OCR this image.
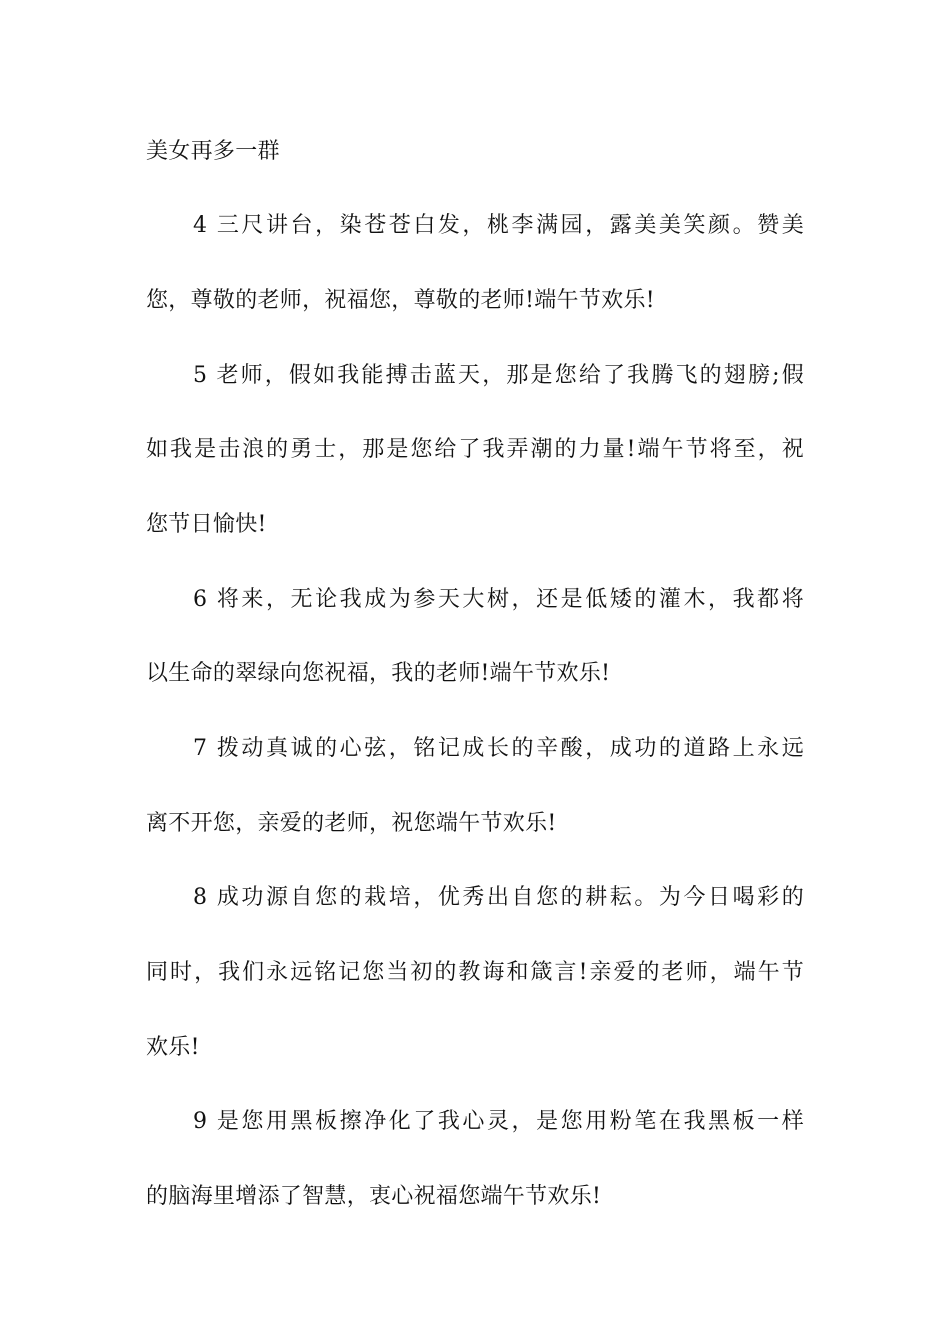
美女再多一群
4 三尺讲台，染苍苍白发，桃李满园，露美美笑颜。赞美
您，尊敬的老师，祝福您，尊敬的老师!端午节欢乐!
5 老师，假如我能搏击蓝天，那是您给了我腾飞的翅膀;假
如我是击浪的勇士，那是您给了我弄潮的力量!端午节将至，祝
您节日愉快!
6 将来，无论我成为参天大树，还是低矮的灌木，我都将
以生命的翠绿向您祝福，我的老师!端午节欢乐!
7 拨动真诚的心弦，铭记成长的辛酸，成功的道路上永远
离不开您，亲爱的老师，祝您端午节欢乐!
8 成功源自您的栽培，优秀出自您的耕耘。为今日喝彩的
同时，我们永远铭记您当初的教诲和箴言!亲爱的老师，端午节
欢乐!
9 是您用黑板擦净化了我心灵，是您用粉笔在我黑板一样
的脑海里增添了智慧，衷心祝福您端午节欢乐!
